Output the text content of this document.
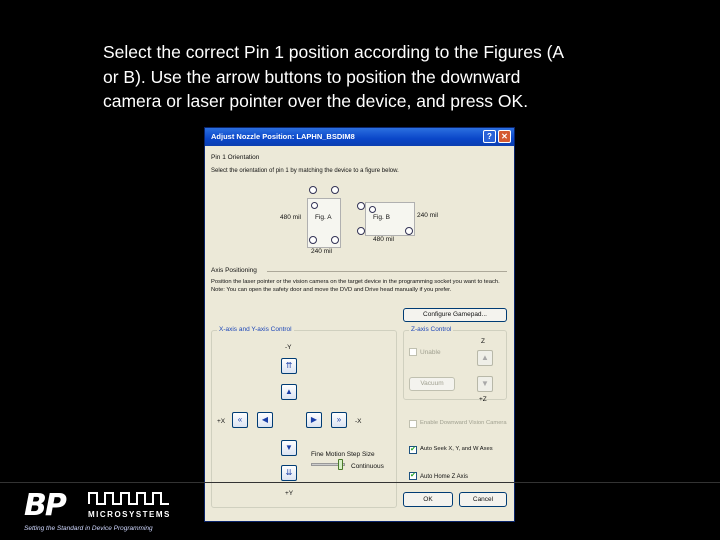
Select the correct Pin 1 position according to the Figures (A
or B). Use the arrow buttons to position the downward
camera or laser pointer over the device, and press OK.
Adjust Nozzle Position: LAPHN_BSDIM8	?	✕
Pin 1 Orientation
Select the orientation of pin 1 by matching the device to a figure below.
480 mil Fig. A
240 mil
Fig. B	240 mil
480 mil
Axis Positioning
Position the laser pointer or the vision camera on the target device in the programming socket you want to teach. Note: You can open the safety door and move the DVD and Drive head manually if you prefer.
Configure Gamepad...
X-axis and Y-axis Control
-Y
⇈
▲
+X	«	◀	▶	»	-X
▼
⇊
+Y
Fine Motion Step Size
Continuous
Z-axis Control
Z
Unable
▲
Vacuum	▼
+Z
Enable Downward Vision Camera
✔ Auto Seek X, Y, and W Axes
✔ Auto Home Z Axis
OK	Cancel
BP	MICROSYSTEMS
Setting the Standard in Device Programming
